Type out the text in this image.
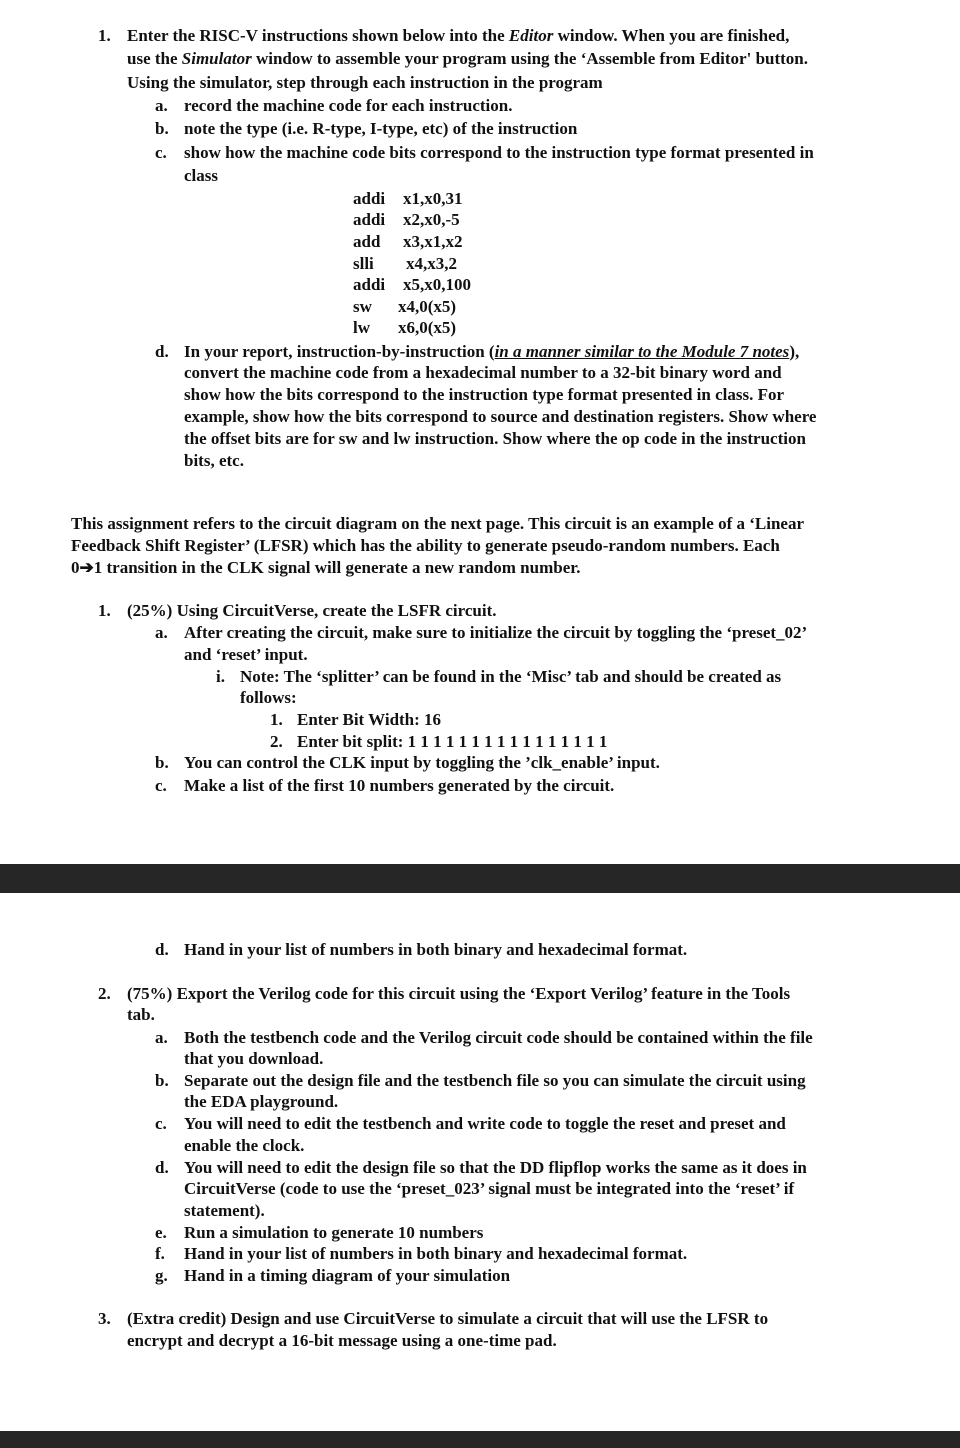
1. Enter the RISC-V instructions shown below into the Editor window. When you are finished,
use the Simulator window to assemble your program using the ‘Assemble from Editor' button.
Using the simulator, step through each instruction in the program
a. record the machine code for each instruction.
b. note the type (i.e. R-type, I-type, etc) of the instruction
c. show how the machine code bits correspond to the instruction type format presented in
class
addi x1,x0,31
addi x2,x0,-5
add x3,x1,x2
slli x4,x3,2
addi x5,x0,100
sw x4,0(x5)
lw x6,0(x5)
d. In your report, instruction-by-instruction (in a manner similar to the Module 7 notes),
convert the machine code from a hexadecimal number to a 32-bit binary word and
show how the bits correspond to the instruction type format presented in class. For
example, show how the bits correspond to source and destination registers. Show where
the offset bits are for sw and lw instruction. Show where the op code in the instruction
bits, etc.
This assignment refers to the circuit diagram on the next page. This circuit is an example of a ‘Linear
Feedback Shift Register’ (LFSR) which has the ability to generate pseudo-random numbers. Each
0➔1 transition in the CLK signal will generate a new random number.
1. (25%) Using CircuitVerse, create the LSFR circuit.
a. After creating the circuit, make sure to initialize the circuit by toggling the ‘preset_02’
and ‘reset’ input.
i. Note: The ‘splitter’ can be found in the ‘Misc’ tab and should be created as
follows:
1. Enter Bit Width: 16
2. Enter bit split: 1 1 1 1 1 1 1 1 1 1 1 1 1 1 1 1
b. You can control the CLK input by toggling the ’clk_enable’ input.
c. Make a list of the first 10 numbers generated by the circuit.
d. Hand in your list of numbers in both binary and hexadecimal format.
2. (75%) Export the Verilog code for this circuit using the ‘Export Verilog’ feature in the Tools
tab.
a. Both the testbench code and the Verilog circuit code should be contained within the file
that you download.
b. Separate out the design file and the testbench file so you can simulate the circuit using
the EDA playground.
c. You will need to edit the testbench and write code to toggle the reset and preset and
enable the clock.
d. You will need to edit the design file so that the DD flipflop works the same as it does in
CircuitVerse (code to use the ‘preset_023’ signal must be integrated into the ‘reset’ if
statement).
e. Run a simulation to generate 10 numbers
f. Hand in your list of numbers in both binary and hexadecimal format.
g. Hand in a timing diagram of your simulation
3. (Extra credit) Design and use CircuitVerse to simulate a circuit that will use the LFSR to
encrypt and decrypt a 16-bit message using a one-time pad.
